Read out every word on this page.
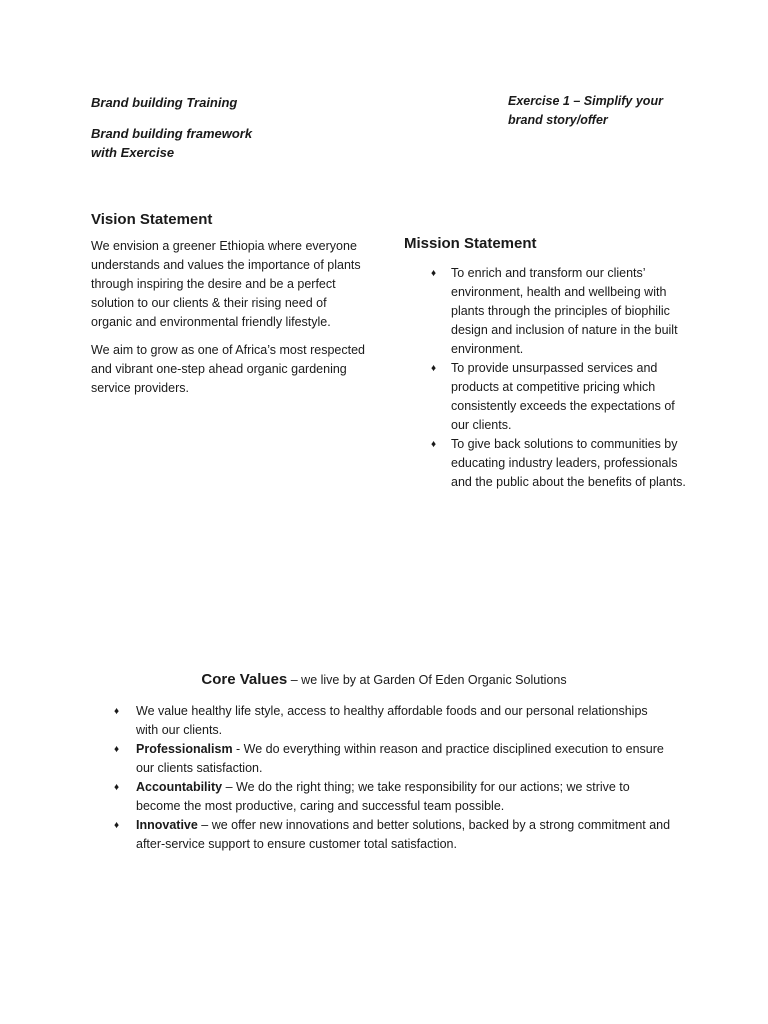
Brand building Training
Brand building framework
with Exercise
Exercise 1 – Simplify your
brand story/offer
Vision Statement

We envision a greener Ethiopia where everyone understands and values the importance of plants through inspiring the desire and be a perfect solution to our clients & their rising need of organic and environmental friendly lifestyle.

We aim to grow as one of Africa’s most respected and vibrant one-step ahead organic gardening service providers.

Mission Statement
♦ To enrich and transform our clients’ environment, health and wellbeing with plants through the principles of biophilic design and inclusion of nature in the built environment.
♦ To provide unsurpassed services and products at competitive pricing which consistently exceeds the expectations of our clients.
♦ To give back solutions to communities by educating industry leaders, professionals and the public about the benefits of plants.
Core Values – we live by at Garden Of Eden Organic Solutions
♦ We value healthy life style, access to healthy affordable foods and our personal relationships with our clients.
♦ Professionalism - We do everything within reason and practice disciplined execution to ensure our clients satisfaction.
♦ Accountability – We do the right thing; we take responsibility for our actions; we strive to become the most productive, caring and successful team possible.
♦ Innovative – we offer new innovations and better solutions, backed by a strong commitment and after-service support to ensure customer total satisfaction.
